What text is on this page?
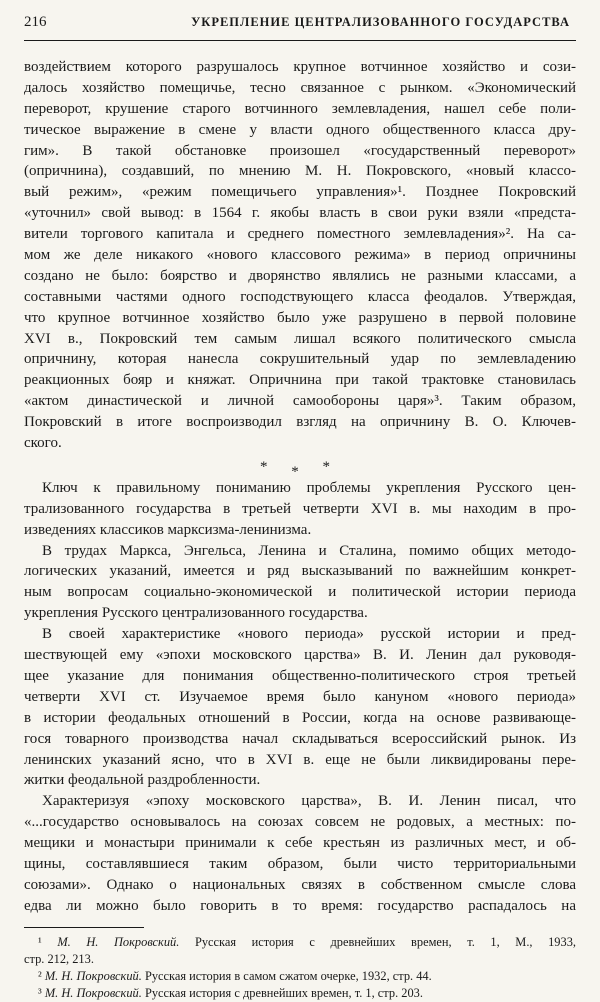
216	УКРЕПЛЕНИЕ ЦЕНТРАЛИЗОВАННОГО ГОСУДАРСТВА
воздействием которого разрушалось крупное вотчинное хозяйство и сози-
далось хозяйство помещичье, тесно связанное с рынком. «Экономический
переворот, крушение старого вотчинного землевладения, нашел себе поли-
тическое выражение в смене у власти одного общественного класса дру-
гим». В такой обстановке произошел «государственный переворот»
(опричнина), создавший, по мнению М. Н. Покровского, «новый классо-
вый режим», «режим помещичьего управления»¹. Позднее Покровский
«уточнил» свой вывод: в 1564 г. якобы власть в свои руки взяли «предста-
вители торгового капитала и среднего поместного землевладения»². На са-
мом же деле никакого «нового классового режима» в период опричнины
создано не было: боярство и дворянство являлись не разными классами, а
составными частями одного господствующего класса феодалов. Утверждая,
что крупное вотчинное хозяйство было уже разрушено в первой половине
XVI в., Покровский тем самым лишал всякого политического смысла
опричнину, которая нанесла сокрушительный удар по землевладению
реакционных бояр и княжат. Опричнина при такой трактовке становилась
«актом династической и личной самообороны царя»³. Таким образом,
Покровский в итоге воспроизводил взгляд на опричнину В. О. Ключев-
ского.
* * *
Ключ к правильному пониманию проблемы укрепления Русского цен-
трализованного государства в третьей четверти XVI в. мы находим в про-
изведениях классиков марксизма-ленинизма.
В трудах Маркса, Энгельса, Ленина и Сталина, помимо общих методо-
логических указаний, имеется и ряд высказываний по важнейшим конкрет-
ным вопросам социально-экономической и политической истории периода
укрепления Русского централизованного государства.
В своей характеристике «нового периода» русской истории и пред-
шествующей ему «эпохи московского царства» В. И. Ленин дал руководя-
щее указание для понимания общественно-политического строя третьей
четверти XVI ст. Изучаемое время было кануном «нового периода»
в истории феодальных отношений в России, когда на основе развивающе-
гося товарного производства начал складываться всероссийский рынок. Из
ленинских указаний ясно, что в XVI в. еще не были ликвидированы пере-
житки феодальной раздробленности.
Характеризуя «эпоху московского царства», В. И. Ленин писал, что
«...государство основывалось на союзах совсем не родовых, а местных: по-
мещики и монастыри принимали к себе крестьян из различных мест, и об-
щины, составлявшиеся таким образом, были чисто территориальными
союзами». Однако о национальных связях в собственном смысле слова
едва ли можно было говорить в то время: государство распадалось на
¹ М. Н. Покровский. Русская история с древнейших времен, т. 1, М., 1933,
стр. 212, 213.
² М. Н. Покровский. Русская история в самом сжатом очерке, 1932, стр. 44.
³ М. Н. Покровский. Русская история с древнейших времен, т. 1, стр. 203.
